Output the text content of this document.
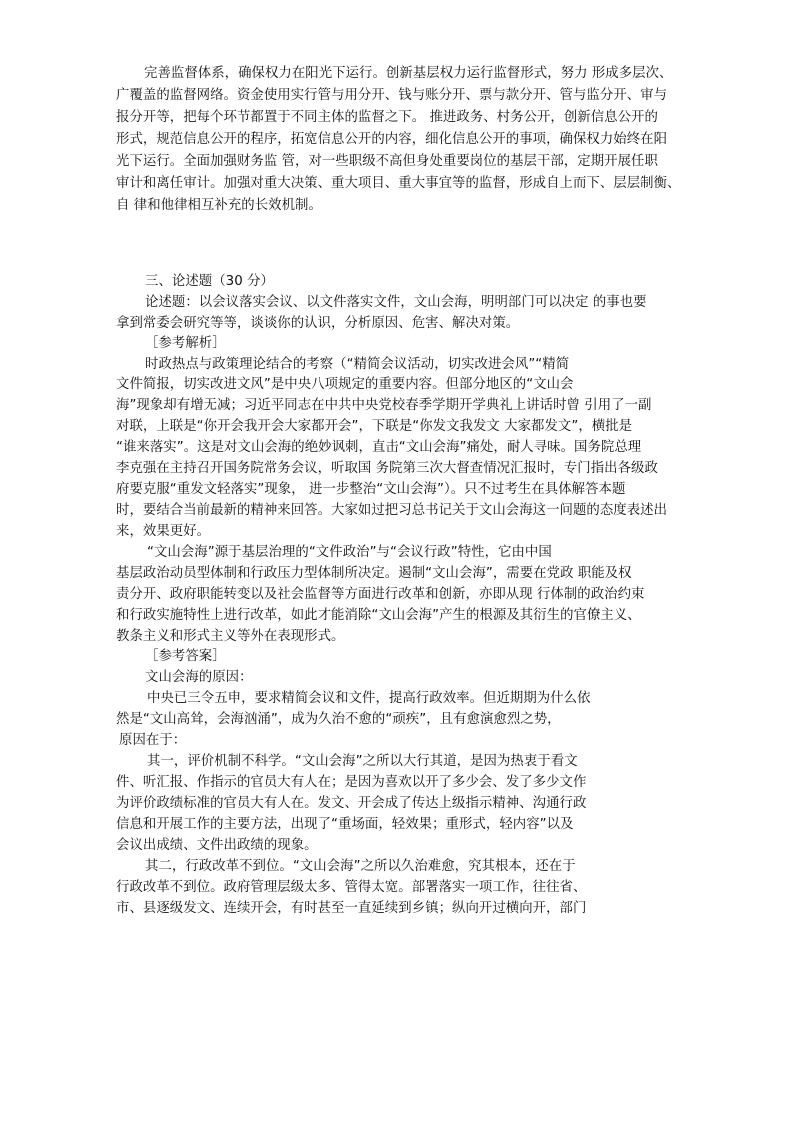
完善监督体系，确保权力在阳光下运行。创新基层权力运行监督形式，努力 形成多层次、
广覆盖的监督网络。资金使用实行管与用分开、钱与账分开、票与款分开、管与监分开、审与
报分开等，把每个环节都置于不同主体的监督之下。 推进政务、村务公开，创新信息公开的
形式，规范信息公开的程序，拓宽信息公开的内容，细化信息公开的事项，确保权力始终在阳
光下运行。全面加强财务监 管，对一些职级不高但身处重要岗位的基层干部，定期开展任职
审计和离任审计。加强对重大决策、重大项目、重大事宜等的监督，形成自上而下、层层制衡、
自 律和他律相互补充的长效机制。
三、论述题（30 分）
论述题：以会议落实会议、以文件落实文件，文山会海，明明部门可以决定 的事也要
拿到常委会研究等等，谈谈你的认识，分析原因、危害、解决对策。
［参考解析］
时政热点与政策理论结合的考察（“精简会议活动，切实改进会风”“精简
文件简报，切实改进文风”是中央八项规定的重要内容。但部分地区的“文山会
海”现象却有增无减；习近平同志在中共中央党校春季学期开学典礼上讲话时曾 引用了一副
对联，上联是“你开会我开会大家都开会”，下联是“你发文我发文 大家都发文”，横批是
“谁来落实”。这是对文山会海的绝妙讽刺，直击“文山会海”痛处，耐人寻味。国务院总理
李克强在主持召开国务院常务会议，听取国 务院第三次大督查情况汇报时，专门指出各级政
府要克服“重发文轻落实”现象， 进一步整治“文山会海”）。只不过考生在具体解答本题
时，要结合当前最新的精神来回答。大家如过把习总书记关于文山会海这一问题的态度表述出
来，效果更好。
“文山会海”源于基层治理的“文件政治”与“会议行政”特性，它由中国
基层政治动员型体制和行政压力型体制所决定。遏制“文山会海”，需要在党政 职能及权
责分开、政府职能转变以及社会监督等方面进行改革和创新，亦即从现 行体制的政治约束
和行政实施特性上进行改革，如此才能消除“文山会海”产生的根源及其衍生的官僚主义、
教条主义和形式主义等外在表现形式。
［参考答案］
文山会海的原因：
中央已三令五申，要求精简会议和文件，提高行政效率。但近期期为什么依
然是“文山高耸，会海汹涌”，成为久治不愈的“顽疾”，且有愈演愈烈之势，
原因在于：
其一，评价机制不科学。“文山会海”之所以大行其道，是因为热衷于看文
件、听汇报、作指示的官员大有人在；是因为喜欢以开了多少会、发了多少文作
为评价政绩标准的官员大有人在。发文、开会成了传达上级指示精神、沟通行政
信息和开展工作的主要方法，出现了“重场面，轻效果；重形式，轻内容”以及
会议出成绩、文件出政绩的现象。
其二，行政改革不到位。“文山会海”之所以久治难愈，究其根本，还在于
行政改革不到位。政府管理层级太多、管得太宽。部署落实一项工作，往往省、
市、县逐级发文、连续开会，有时甚至一直延续到乡镇；纵向开过横向开，部门
